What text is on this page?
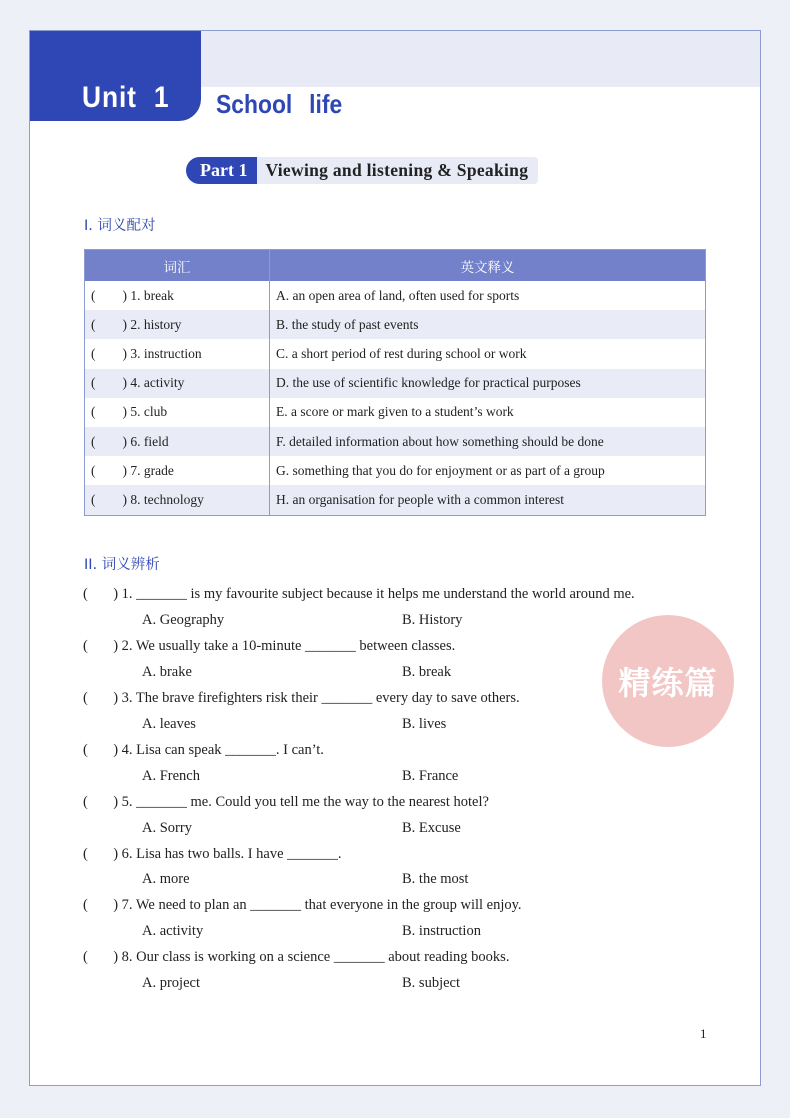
Unit 1 School life
Part 1	Viewing and listening & Speaking
I. 词义配对
词汇	英文释义
(        ) 1. break	A. an open area of land, often used for sports
(        ) 2. history	B. the study of past events
(        ) 3. instruction	C. a short period of rest during school or work
(        ) 4. activity	D. the use of scientific knowledge for practical purposes
(        ) 5. club	E. a score or mark given to a student’s work
(        ) 6. field	F. detailed information about how something should be done
(        ) 7. grade	G. something that you do for enjoyment or as part of a group
(        ) 8. technology	H. an organisation for people with a common interest
II. 词义辨析
(       ) 1. _______ is my favourite subject because it helps me understand the world around me.
A. Geography	B. History
(       ) 2. We usually take a 10-minute _______ between classes.
A. brake	B. break
(       ) 3. The brave firefighters risk their _______ every day to save others.
A. leaves	B. lives
(       ) 4. Lisa can speak _______. I can’t.
A. French	B. France
(       ) 5. _______ me. Could you tell me the way to the nearest hotel?
A. Sorry	B. Excuse
(       ) 6. Lisa has two balls. I have _______.
A. more	B. the most
(       ) 7. We need to plan an _______ that everyone in the group will enjoy.
A. activity	B. instruction
(       ) 8. Our class is working on a science _______ about reading books.
A. project	B. subject
精练篇
1
